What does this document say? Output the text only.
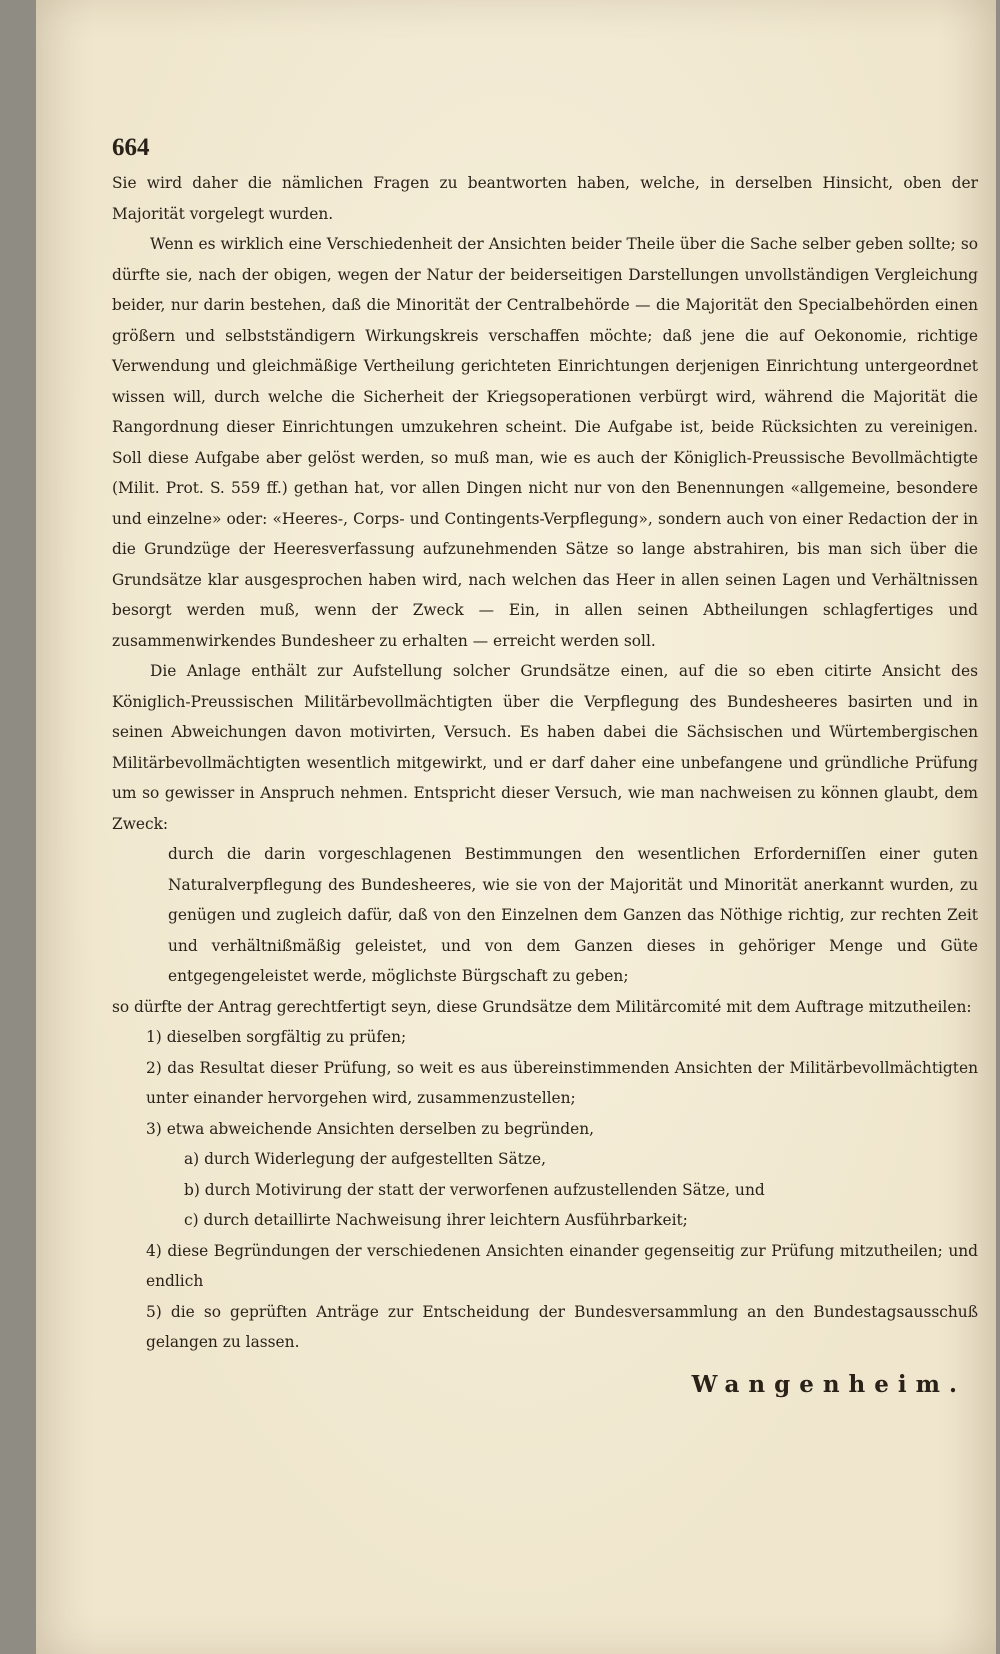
664

Sie wird daher die nämlichen Fragen zu beantworten haben, welche, in derselben Hinsicht, oben der Majorität vorgelegt wurden.

Wenn es wirklich eine Verschiedenheit der Ansichten beider Theile über die Sache selber geben sollte; so dürfte sie, nach der obigen, wegen der Natur der beiderseitigen Darstellungen unvollständigen Vergleichung beider, nur darin bestehen, daß die Minorität der Centralbehörde — die Majorität den Specialbehörden einen größern und selbstständigern Wirkungskreis verschaffen möchte; daß jene die auf Oekonomie, richtige Verwendung und gleichmäßige Vertheilung gerichteten Einrichtungen derjenigen Einrichtung untergeordnet wissen will, durch welche die Sicherheit der Kriegsoperationen verbürgt wird, während die Majorität die Rangordnung dieser Einrichtungen umzukehren scheint. Die Aufgabe ist, beide Rücksichten zu vereinigen. Soll diese Aufgabe aber gelöst werden, so muß man, wie es auch der Königlich-Preussische Bevollmächtigte (Milit. Prot. S. 559 ff.) gethan hat, vor allen Dingen nicht nur von den Benennungen «allgemeine, besondere und einzelne» oder: «Heeres-, Corps- und Contingents-Verpflegung», sondern auch von einer Redaction der in die Grundzüge der Heeresverfassung aufzunehmenden Sätze so lange abstrahiren, bis man sich über die Grundsätze klar ausgesprochen haben wird, nach welchen das Heer in allen seinen Lagen und Verhältnissen besorgt werden muß, wenn der Zweck — Ein, in allen seinen Abtheilungen schlagfertiges und zusammenwirkendes Bundesheer zu erhalten — erreicht werden soll.

Die Anlage enthält zur Aufstellung solcher Grundsätze einen, auf die so eben citirte Ansicht des Königlich-Preussischen Militärbevollmächtigten über die Verpflegung des Bundesheeres basirten und in seinen Abweichungen davon motivirten, Versuch. Es haben dabei die Sächsischen und Würtembergischen Militärbevollmächtigten wesentlich mitgewirkt, und er darf daher eine unbefangene und gründliche Prüfung um so gewisser in Anspruch nehmen. Entspricht dieser Versuch, wie man nachweisen zu können glaubt, dem Zweck:

durch die darin vorgeschlagenen Bestimmungen den wesentlichen Erforderniſſen einer guten Naturalverpflegung des Bundesheeres, wie sie von der Majorität und Minorität anerkannt wurden, zu genügen und zugleich dafür, daß von den Einzelnen dem Ganzen das Nöthige richtig, zur rechten Zeit und verhältnißmäßig geleistet, und von dem Ganzen dieses in gehöriger Menge und Güte entgegengeleistet werde, möglichste Bürgschaft zu geben;

so dürfte der Antrag gerechtfertigt seyn, diese Grundsätze dem Militärcomité mit dem Auftrage mitzutheilen:

1) dieselben sorgfältig zu prüfen;

2) das Resultat dieser Prüfung, so weit es aus übereinstimmenden Ansichten der Militärbevollmächtigten unter einander hervorgehen wird, zusammenzustellen;

3) etwa abweichende Ansichten derselben zu begründen,

a) durch Widerlegung der aufgestellten Sätze,

b) durch Motivirung der statt der verworfenen aufzustellenden Sätze, und

c) durch detaillirte Nachweisung ihrer leichtern Ausführbarkeit;

4) diese Begründungen der verschiedenen Ansichten einander gegenseitig zur Prüfung mitzutheilen; und endlich

5) die so geprüften Anträge zur Entscheidung der Bundesversammlung an den Bundestagsausschuß gelangen zu lassen.

Wangenheim.
